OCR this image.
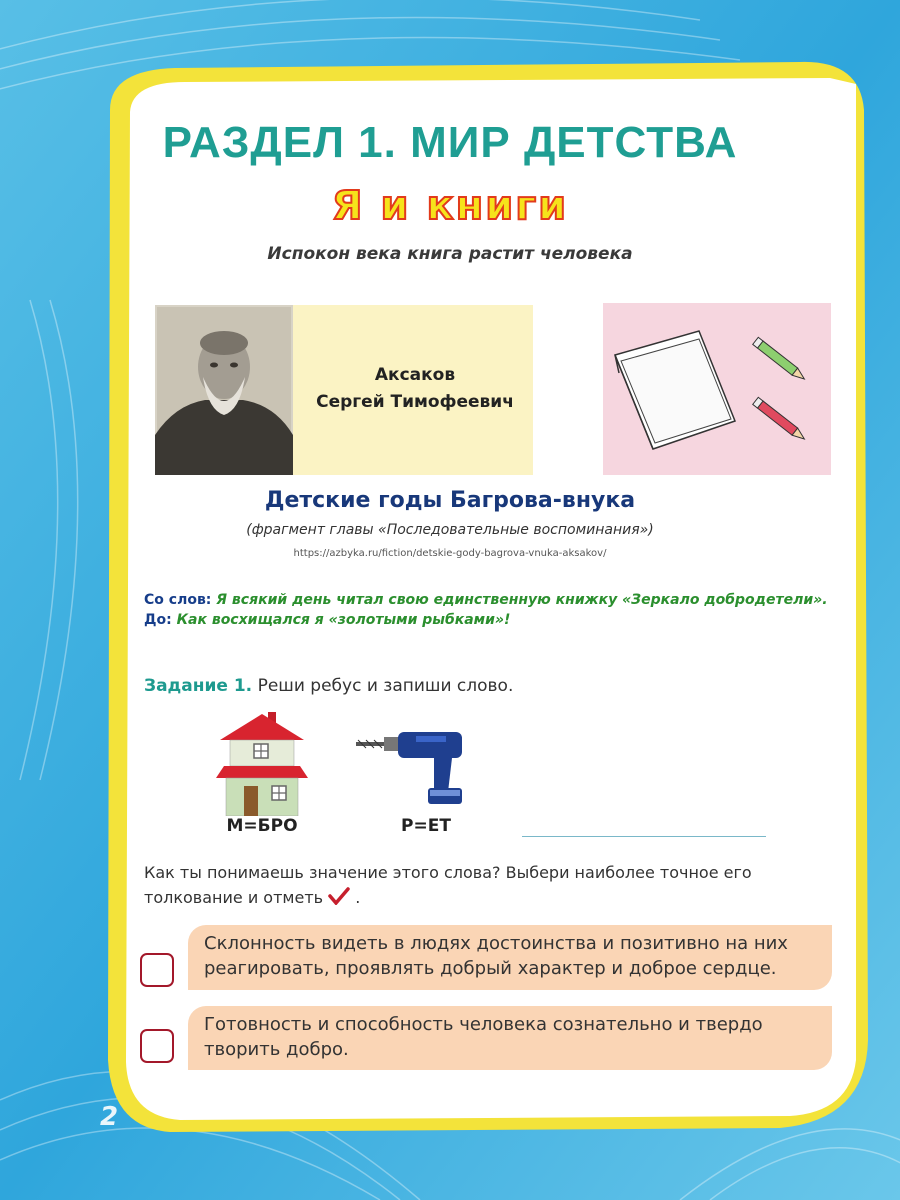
РАЗДЕЛ 1. МИР ДЕТСТВА
Я и книги
Испокон века книга растит человека
Аксаков
Сергей Тимофеевич
Детские годы Багрова-внука
(фрагмент главы «Последовательные воспоминания»)
https://azbyka.ru/fiction/detskie-gody-bagrova-vnuka-aksakov/
Со слов: Я всякий день читал свою единственную книжку «Зеркало добродетели».
До: Как восхищался я «золотыми рыбками»!
Задание 1. Реши ребус и запиши слово.
М=БРО	Р=ЕТ
Как ты понимаешь значение этого слова? Выбери наиболее точное его
толкование и отметь .
Склонность видеть в людях достоинства и позитивно на них реагировать, проявлять добрый характер и доброе сердце.
Готовность и способность человека сознательно и твердо творить добро.
2
